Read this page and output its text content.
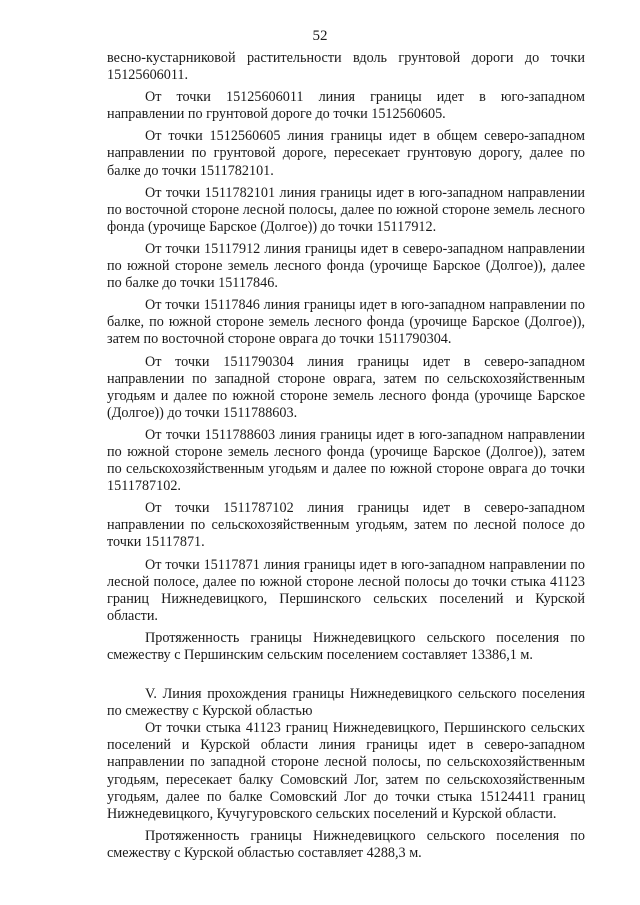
52

весно-кустарниковой растительности вдоль грунтовой дороги до точки 15125606011.

От точки 15125606011 линия границы идет в юго-западном направлении по грунтовой дороге до точки 1512560605.

От точки 1512560605 линия границы идет в общем северо-западном направлении по грунтовой дороге, пересекает грунтовую дорогу, далее по балке до точки 1511782101.

От точки 1511782101 линия границы идет в юго-западном направлении по восточной стороне лесной полосы, далее по южной стороне земель лесного фонда (урочище Барское (Долгое)) до точки 15117912.

От точки 15117912 линия границы идет в северо-западном направлении по южной стороне земель лесного фонда (урочище Барское (Долгое)), далее по балке до точки 15117846.

От точки 15117846 линия границы идет в юго-западном направлении по балке, по южной стороне земель лесного фонда (урочище Барское (Долгое)), затем по восточной стороне оврага до точки 1511790304.

От точки 1511790304 линия границы идет в северо-западном направлении по западной стороне оврага, затем по сельскохозяйственным угодьям и далее по южной стороне земель лесного фонда (урочище Барское (Долгое)) до точки 1511788603.

От точки 1511788603 линия границы идет в юго-западном направлении по южной стороне земель лесного фонда (урочище Барское (Долгое)), затем по сельскохозяйственным угодьям и далее по южной стороне оврага до точки 1511787102.

От точки 1511787102 линия границы идет в северо-западном направлении по сельскохозяйственным угодьям, затем по лесной полосе до точки 15117871.

От точки 15117871 линия границы идет в юго-западном направлении по лесной полосе, далее по южной стороне лесной полосы до точки стыка 41123 границ Нижнедевицкого, Першинского сельских поселений и Курской области.

Протяженность границы Нижнедевицкого сельского поселения по смежеству с Першинским сельским поселением составляет 13386,1 м.

V. Линия прохождения границы Нижнедевицкого сельского поселения по смежеству с Курской областью

От точки стыка 41123 границ Нижнедевицкого, Першинского сельских поселений и Курской области линия границы идет в северо-западном направлении по западной стороне лесной полосы, по сельскохозяйственным угодьям, пересекает балку Сомовский Лог, затем по сельскохозяйственным угодьям, далее по балке Сомовский Лог до точки стыка 15124411 границ Нижнедевицкого, Кучугуровского сельских поселений и Курской области.

Протяженность границы Нижнедевицкого сельского поселения по смежеству с Курской областью составляет 4288,3 м.
